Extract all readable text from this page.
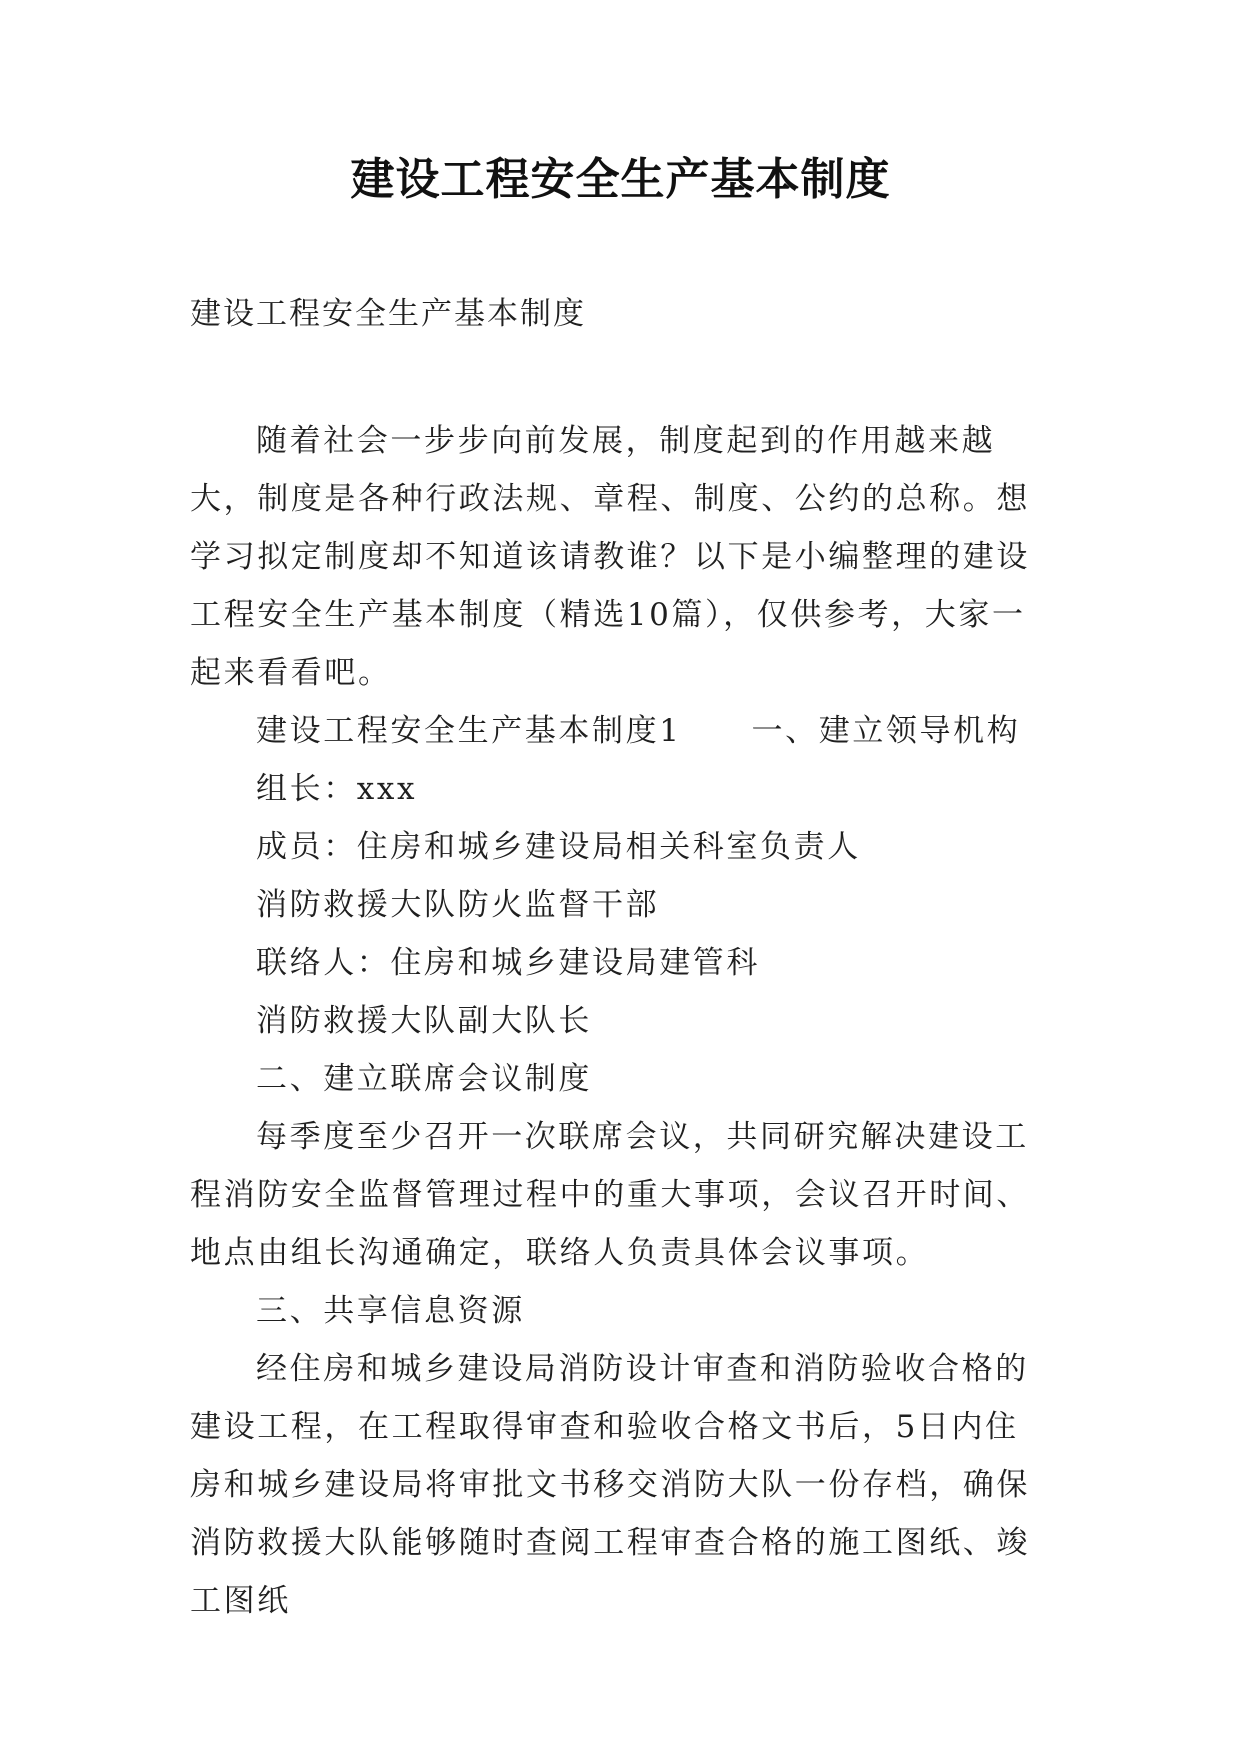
建设工程安全生产基本制度
建设工程安全生产基本制度

随着社会一步步向前发展，制度起到的作用越来越大，制度是各种行政法规、章程、制度、公约的总称。想学习拟定制度却不知道该请教谁？以下是小编整理的建设工程安全生产基本制度（精选10篇），仅供参考，大家一起来看看吧。

建设工程安全生产基本制度1 一、建立领导机构

组长：xxx

成员：住房和城乡建设局相关科室负责人

消防救援大队防火监督干部

联络人：住房和城乡建设局建管科

消防救援大队副大队长

二、建立联席会议制度

每季度至少召开一次联席会议，共同研究解决建设工程消防安全监督管理过程中的重大事项，会议召开时间、地点由组长沟通确定，联络人负责具体会议事项。

三、共享信息资源

经住房和城乡建设局消防设计审查和消防验收合格的建设工程，在工程取得审查和验收合格文书后，5日内住房和城乡建设局将审批文书移交消防大队一份存档，确保消防救援大队能够随时查阅工程审查合格的施工图纸、竣工图纸
